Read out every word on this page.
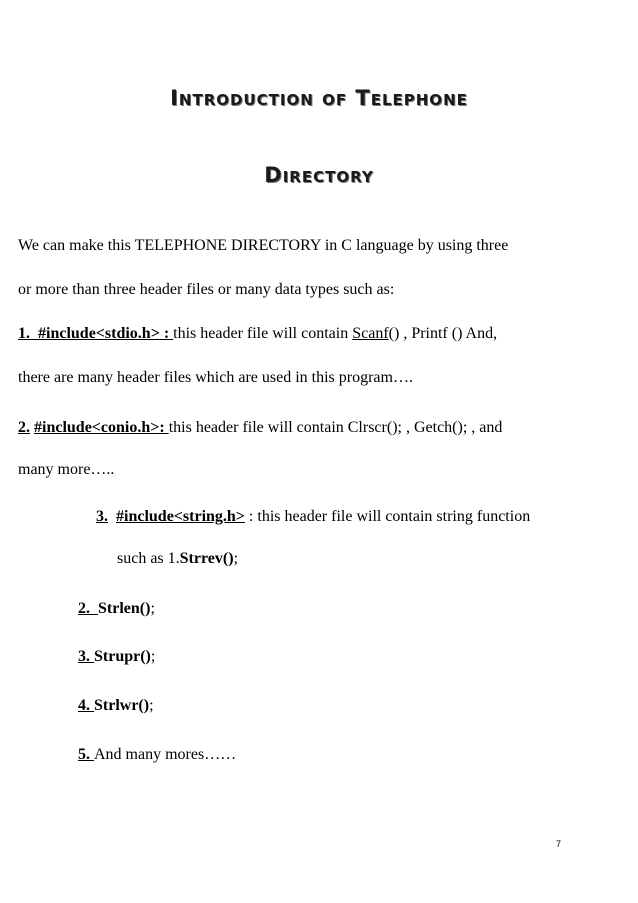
Introduction of Telephone
Directory
We can make this TELEPHONE DIRECTORY in C language by using three
or more than three header files or many data types such as:
1. #include<stdio.h> : this header file will contain Scanf() , Printf () And,
there are many header files which are used in this program….
2. #include<conio.h>: this header file will contain Clrscr(); , Getch(); , and
many more…..
3. #include<string.h> : this header file will contain string function
such as 1.Strrev();
2. Strlen();
3. Strupr();
4. Strlwr();
5. And many mores……
7
